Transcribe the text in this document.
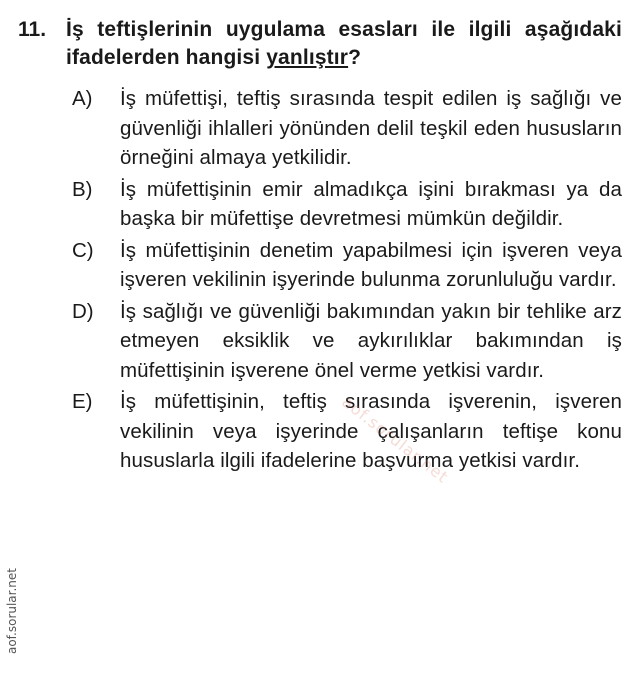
11. İş teftişlerinin uygulama esasları ile ilgili aşağıdaki ifadelerden hangisi yanlıştır?
A)	İş müfettişi, teftiş sırasında tespit edilen iş sağlığı ve güvenliği ihlalleri yönünden delil teşkil eden hususların örneğini almaya yetkilidir.
B)	İş müfettişinin emir almadıkça işini bırakması ya da başka bir müfettişe devretmesi mümkün değildir.
C)	İş müfettişinin denetim yapabilmesi için işveren veya işveren vekilinin işyerinde bulunma zorunluluğu vardır.
D)	İş sağlığı ve güvenliği bakımından yakın bir tehlike arz etmeyen eksiklik ve aykırılıklar bakımından iş müfettişinin işverene önel verme yetkisi vardır.
E)	İş müfettişinin, teftiş sırasında işverenin, işveren vekilinin veya işyerinde çalışanların teftişe konu hususlarla ilgili ifadelerine başvurma yetkisi vardır.
aof.sorular.net
aof.sorular.net
